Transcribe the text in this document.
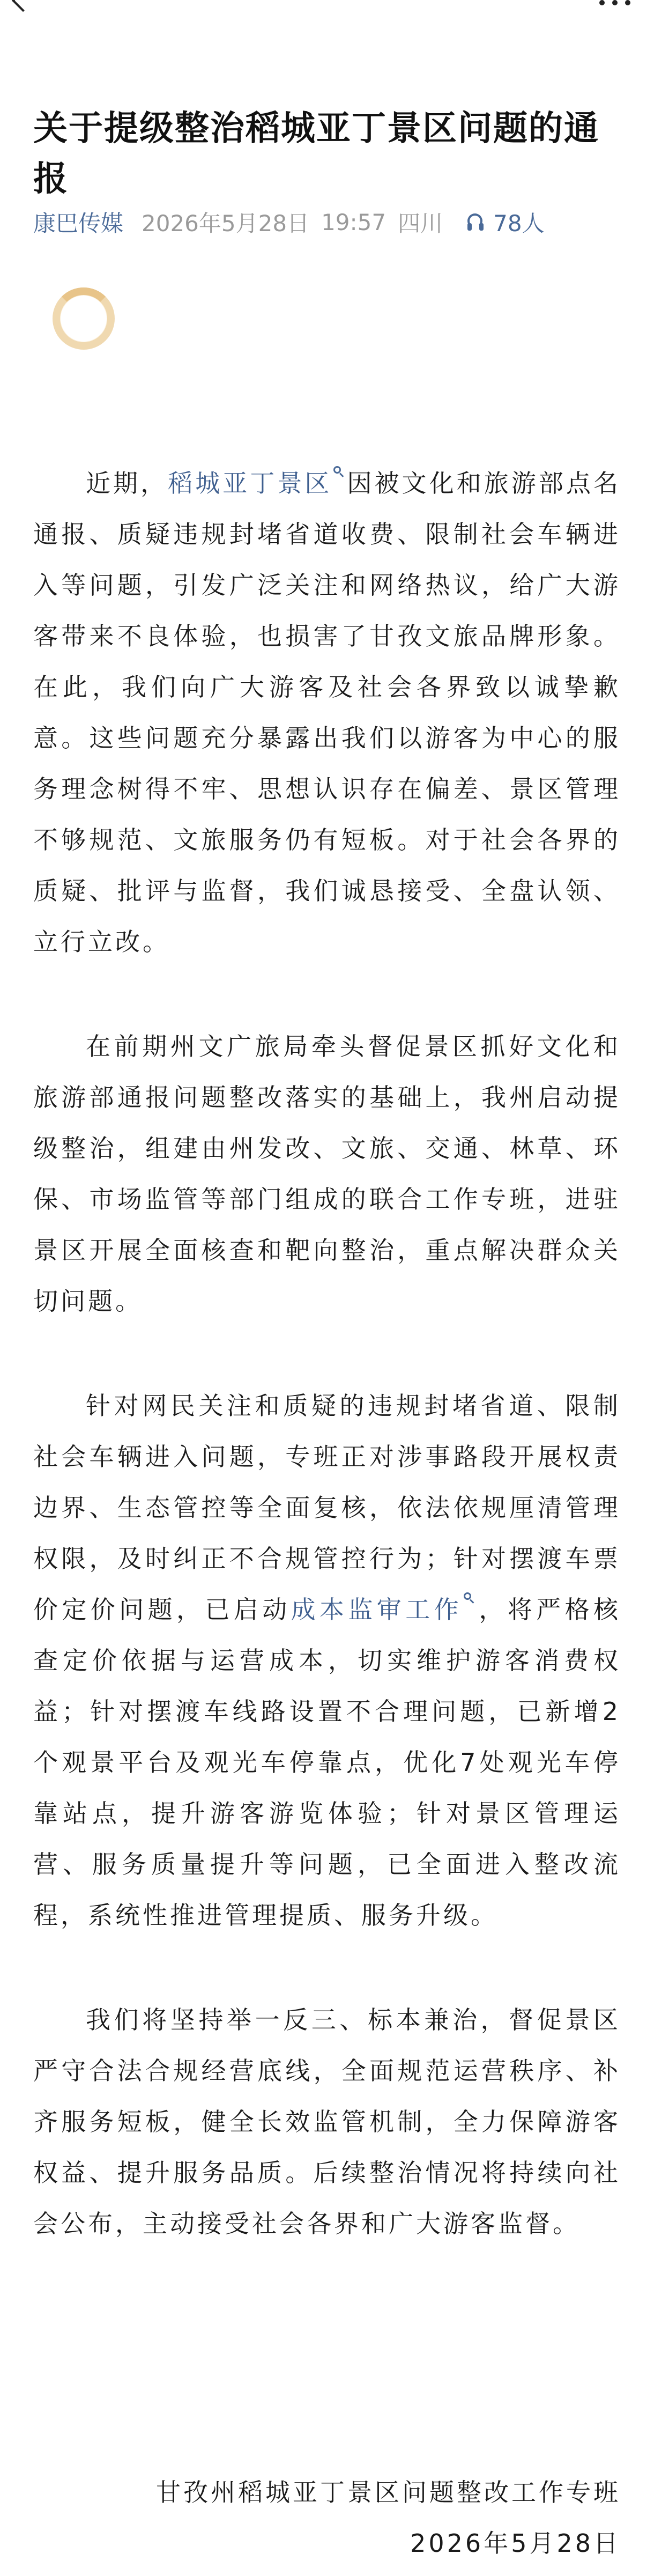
关于提级整治稻城亚丁景区问题的通报
康巴传媒 2026年5月28日 19:57 四川 78人

近期，稻城亚丁景区 因被文化和旅游部点名通报、质疑违规封堵省道收费、限制社会车辆进入等问题，引发广泛关注和网络热议，给广大游客带来不良体验，也损害了甘孜文旅品牌形象。在此，我们向广大游客及社会各界致以诚挚歉意。这些问题充分暴露出我们以游客为中心的服务理念树得不牢、思想认识存在偏差、景区管理不够规范、文旅服务仍有短板。对于社会各界的质疑、批评与监督，我们诚恳接受、全盘认领、立行立改。

在前期州文广旅局牵头督促景区抓好文化和旅游部通报问题整改落实的基础上，我州启动提级整治，组建由州发改、文旅、交通、林草、环保、市场监管等部门组成的联合工作专班，进驻景区开展全面核查和靶向整治，重点解决群众关切问题。

针对网民关注和质疑的违规封堵省道、限制社会车辆进入问题，专班正对涉事路段开展权责边界、生态管控等全面复核，依法依规厘清管理权限，及时纠正不合规管控行为；针对摆渡车票价定价问题，已启动成本监审工作 ，将严格核查定价依据与运营成本，切实维护游客消费权益；针对摆渡车线路设置不合理问题，已新增2个观景平台及观光车停靠点，优化7处观光车停靠站点，提升游客游览体验；针对景区管理运营、服务质量提升等问题，已全面进入整改流程，系统性推进管理提质、服务升级。

我们将坚持举一反三、标本兼治，督促景区严守合法合规经营底线，全面规范运营秩序、补齐服务短板，健全长效监管机制，全力保障游客权益、提升服务品质。后续整治情况将持续向社会公布，主动接受社会各界和广大游客监督。

甘孜州稻城亚丁景区问题整改工作专班
2026年5月28日
